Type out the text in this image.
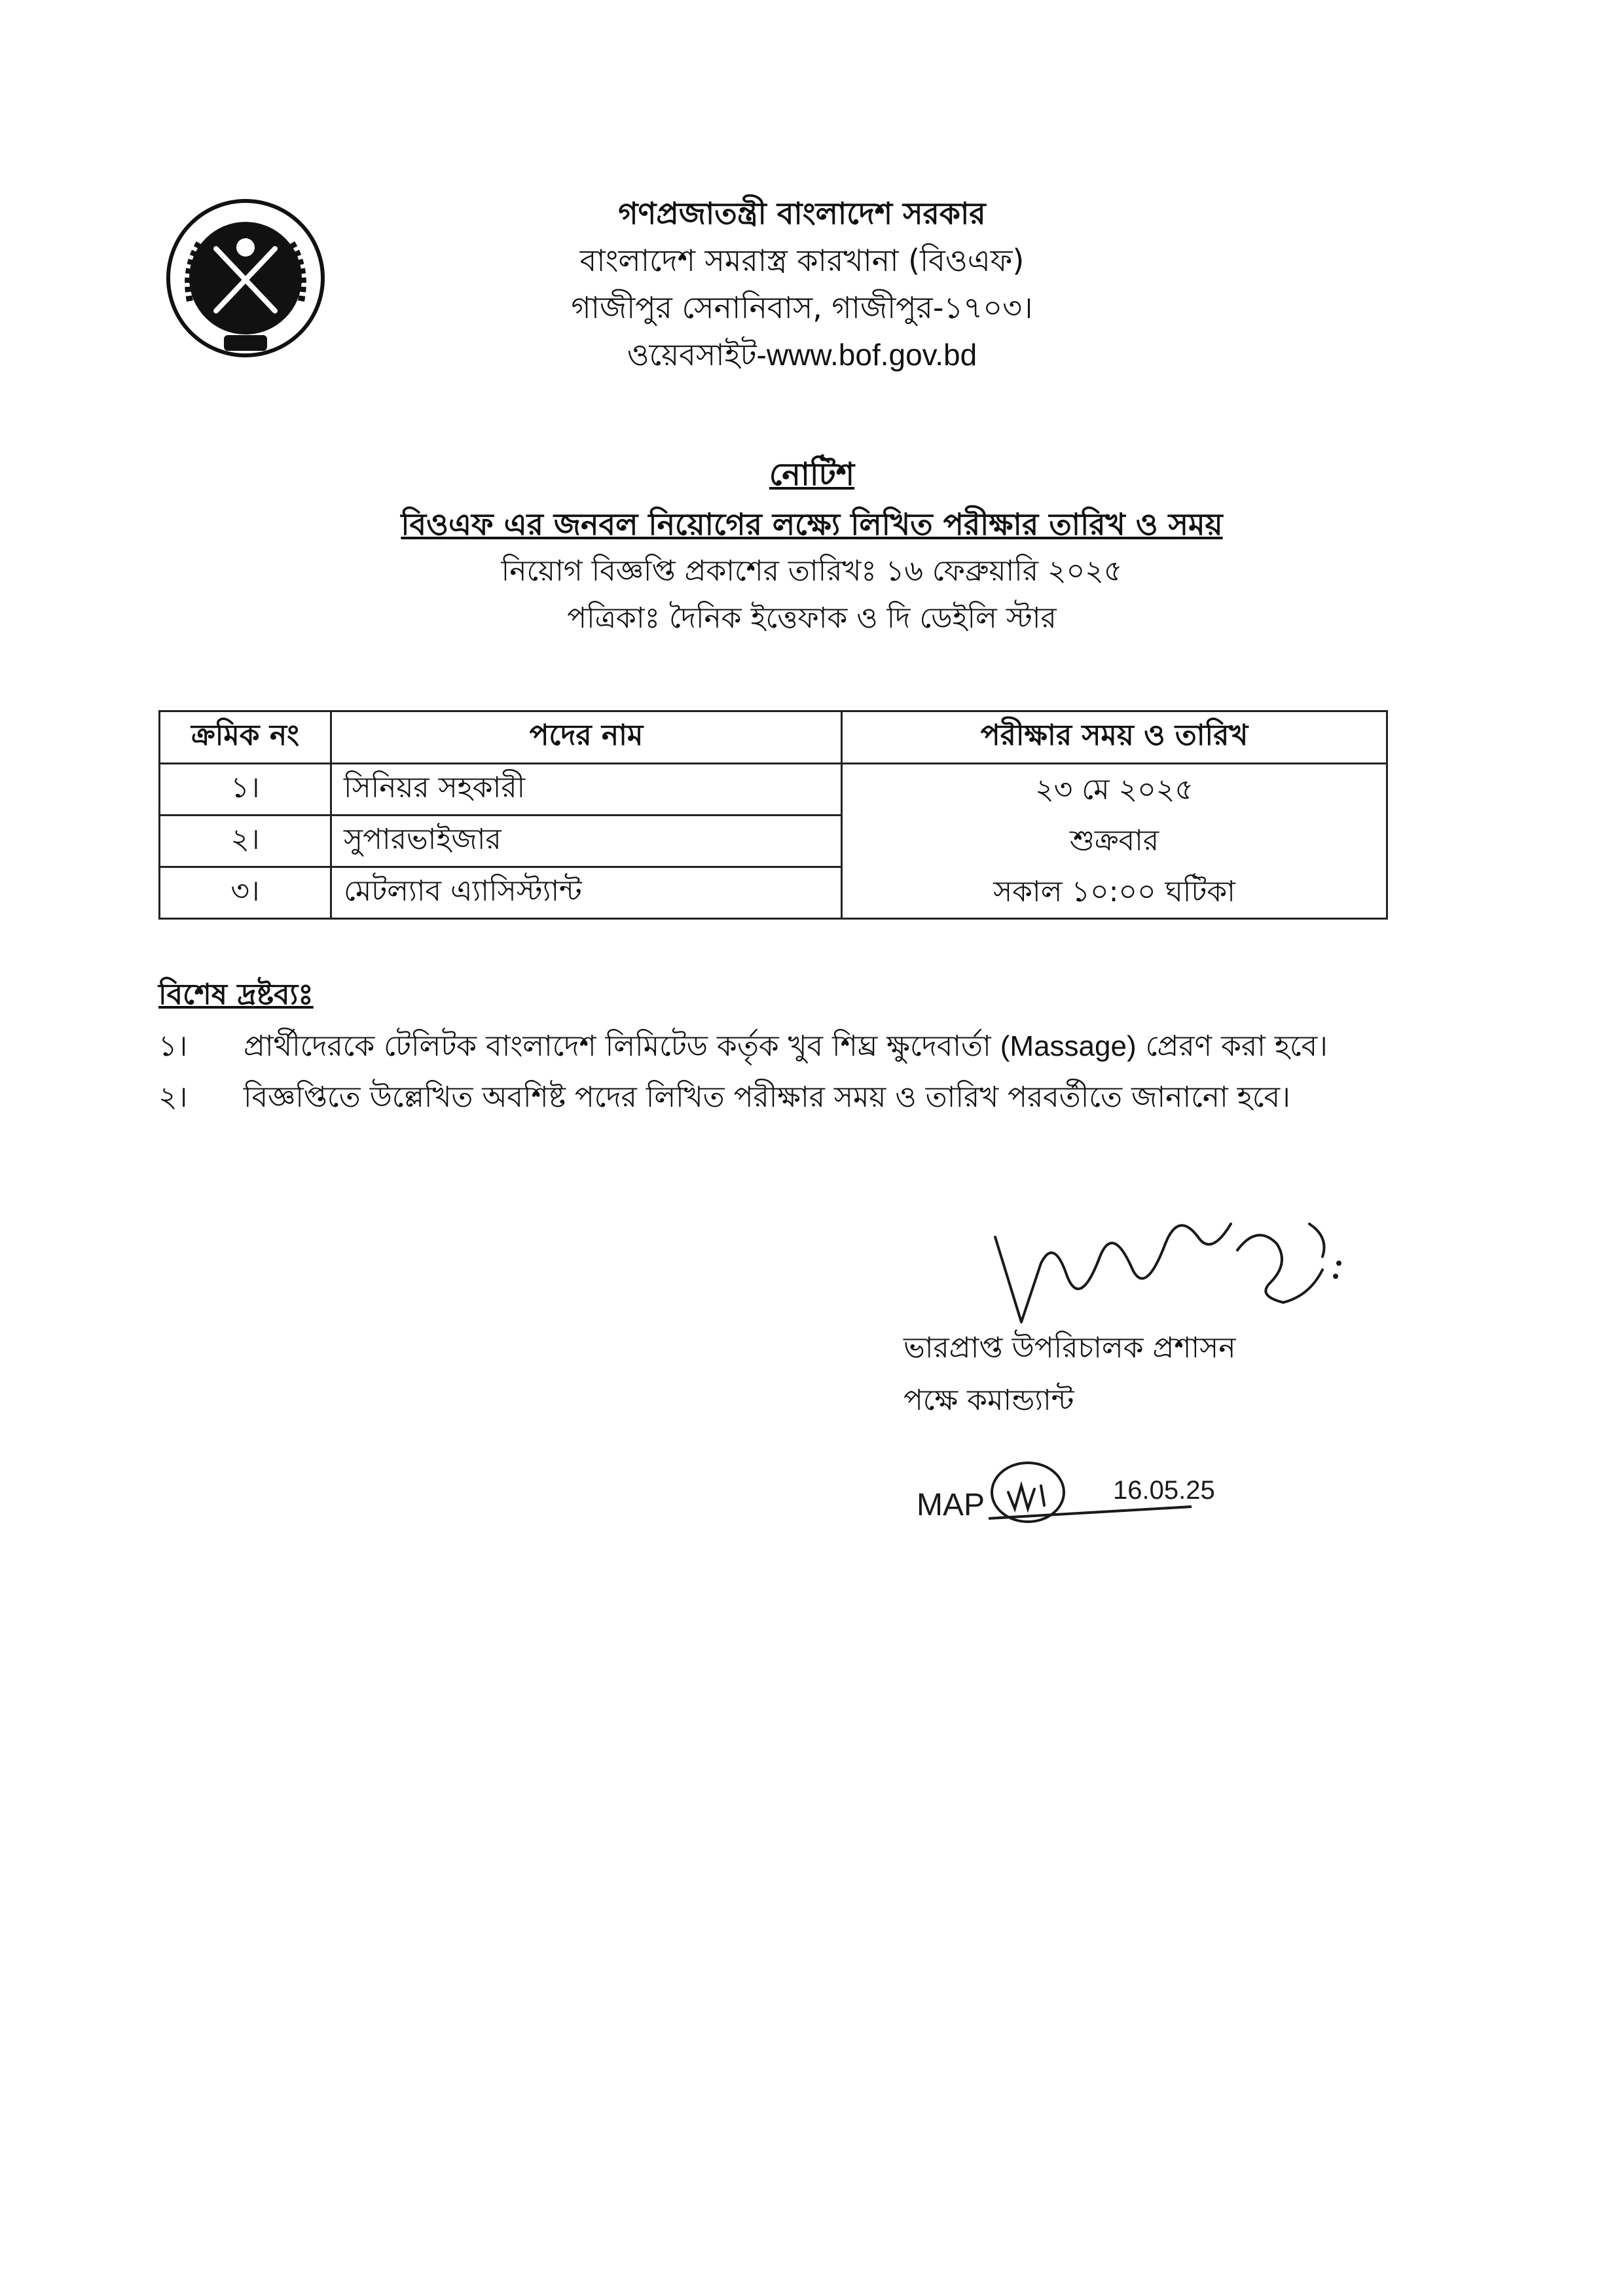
গণপ্রজাতন্ত্রী বাংলাদেশ সরকার
বাংলাদেশ সমরাস্ত্র কারখানা (বিওএফ)
গাজীপুর সেনানিবাস, গাজীপুর-১৭০৩।
ওয়েবসাইট-www.bof.gov.bd
নোটিশ
বিওএফ এর জনবল নিয়োগের লক্ষ্যে লিখিত পরীক্ষার তারিখ ও সময়
নিয়োগ বিজ্ঞপ্তি প্রকাশের তারিখঃ ১৬ ফেব্রুয়ারি ২০২৫
পত্রিকাঃ দৈনিক ইত্তেফাক ও দি ডেইলি স্টার
ক্রমিক নং	পদের নাম	পরীক্ষার সময় ও তারিখ
১।	সিনিয়র সহকারী	২৩ মে ২০২৫
শুক্রবার
সকাল ১০:০০ ঘটিকা

২।	সুপারভাইজার	
৩।	মেটল্যাব এ্যাসিস্ট্যান্ট	
বিশেষ দ্রষ্টব্যঃ
১। প্রার্থীদেরকে টেলিটক বাংলাদেশ লিমিটেড কর্তৃক খুব শিঘ্র ক্ষুদেবার্তা (Massage) প্রেরণ করা হবে।
২। বিজ্ঞপ্তিতে উল্লেখিত অবশিষ্ট পদের লিখিত পরীক্ষার সময় ও তারিখ পরবর্তীতে জানানো হবে।
ভারপ্রাপ্ত উপরিচালক প্রশাসন
পক্ষে কমান্ড্যান্ট
MAP	16.05.25
